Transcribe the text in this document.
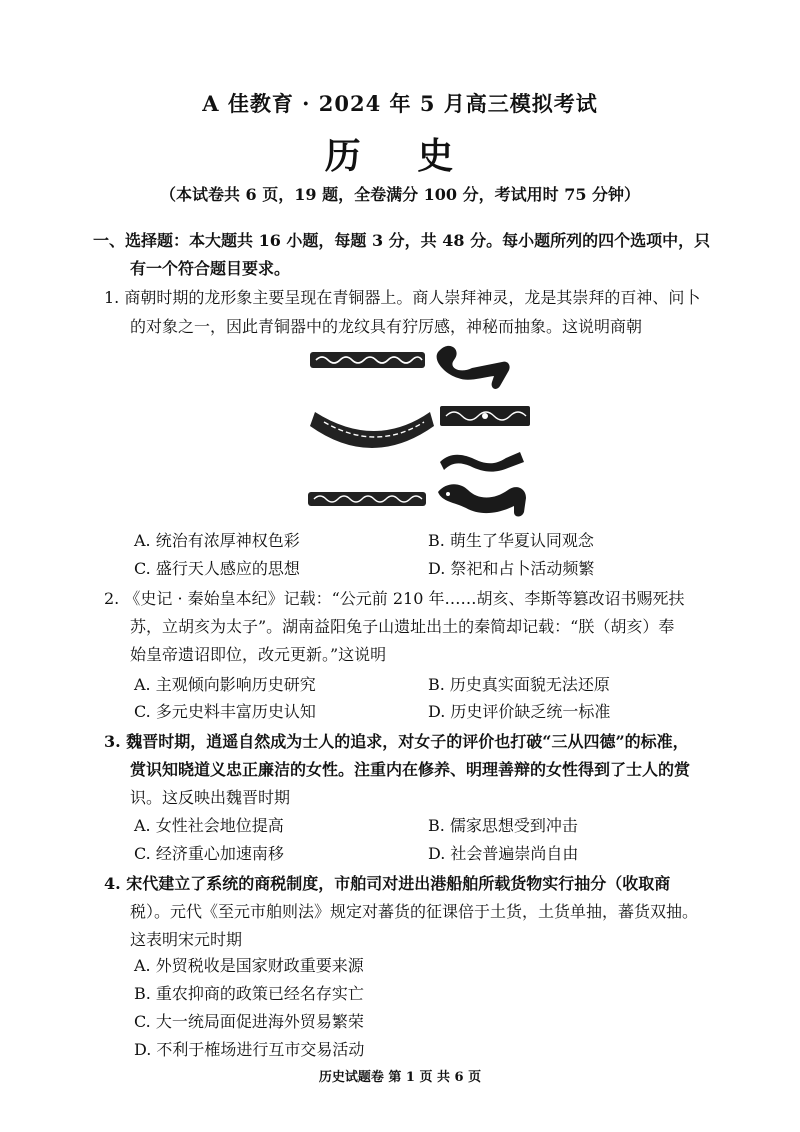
A 佳教育 · 2024 年 5 月高三模拟考试
历 史
（本试卷共 6 页，19 题，全卷满分 100 分，考试用时 75 分钟）
一、选择题：本大题共 16 小题，每题 3 分，共 48 分。每小题所列的四个选项中，只
有一个符合题目要求。
1. 商朝时期的龙形象主要呈现在青铜器上。商人崇拜神灵，龙是其崇拜的百神、问卜
的对象之一，因此青铜器中的龙纹具有狞厉感，神秘而抽象。这说明商朝
A. 统治有浓厚神权色彩	B. 萌生了华夏认同观念
C. 盛行天人感应的思想	D. 祭祀和占卜活动频繁
2. 《史记 · 秦始皇本纪》记载：“公元前 210 年……胡亥、李斯等篡改诏书赐死扶
苏，立胡亥为太子”。湖南益阳兔子山遗址出土的秦简却记载：“朕（胡亥）奉
始皇帝遗诏即位，改元更新。”这说明
A. 主观倾向影响历史研究	B. 历史真实面貌无法还原
C. 多元史料丰富历史认知	D. 历史评价缺乏统一标准
3. 魏晋时期，逍遥自然成为士人的追求，对女子的评价也打破“三从四德”的标准，
赏识知晓道义忠正廉洁的女性。注重内在修养、明理善辩的女性得到了士人的赏
识。这反映出魏晋时期
A. 女性社会地位提高	B. 儒家思想受到冲击
C. 经济重心加速南移	D. 社会普遍崇尚自由
4. 宋代建立了系统的商税制度，市舶司对进出港船舶所载货物实行抽分（收取商
税）。元代《至元市舶则法》规定对蕃货的征课倍于土货，土货单抽，蕃货双抽。
这表明宋元时期
A. 外贸税收是国家财政重要来源
B. 重农抑商的政策已经名存实亡
C. 大一统局面促进海外贸易繁荣
D. 不利于榷场进行互市交易活动
历史试题卷 第 1 页 共 6 页
